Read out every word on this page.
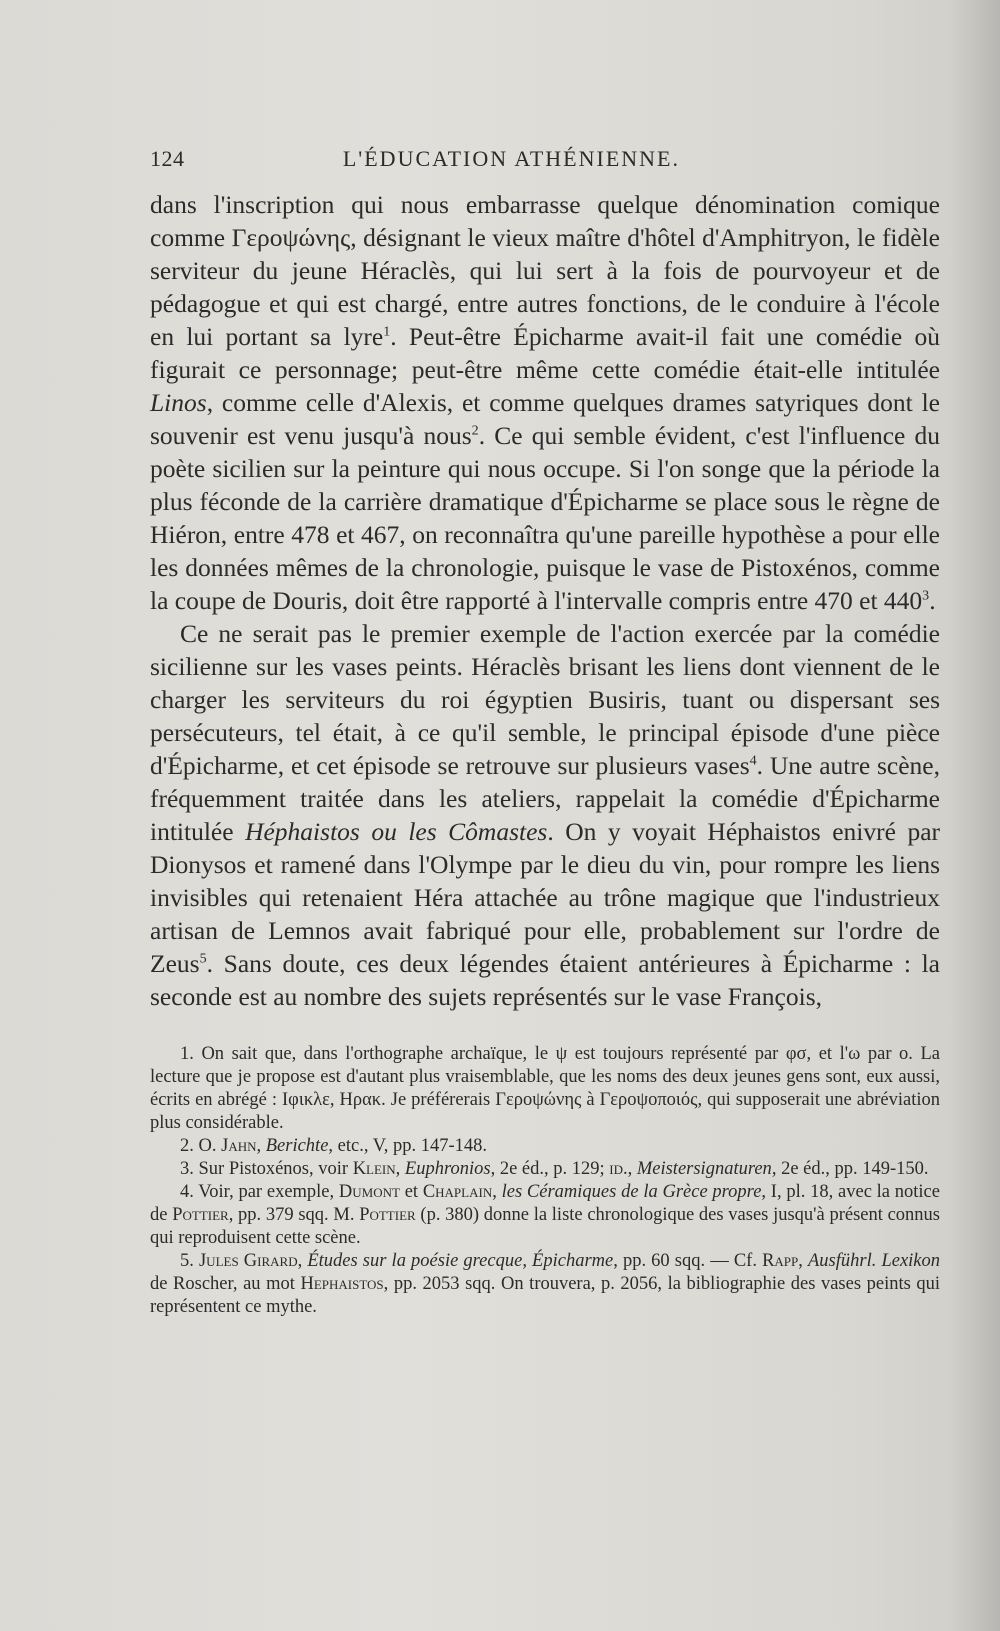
124	L'ÉDUCATION ATHÉNIENNE.

dans l'inscription qui nous embarrasse quelque dénomination comique comme Γεροψώνης, désignant le vieux maître d'hôtel d'Amphitryon, le fidèle serviteur du jeune Héraclès, qui lui sert à la fois de pourvoyeur et de pédagogue et qui est chargé, entre autres fonctions, de le conduire à l'école en lui portant sa lyre$^1$. Peut-être Épicharme avait-il fait une comédie où figurait ce personnage; peut-être même cette comédie était-elle intitulée Linos, comme celle d'Alexis, et comme quelques drames satyriques dont le souvenir est venu jusqu'à nous$^2$. Ce qui semble évident, c'est l'influence du poète sicilien sur la peinture qui nous occupe. Si l'on songe que la période la plus féconde de la carrière dramatique d'Épicharme se place sous le règne de Hiéron, entre 478 et 467, on reconnaîtra qu'une pareille hypothèse a pour elle les données mêmes de la chronologie, puisque le vase de Pistoxénos, comme la coupe de Douris, doit être rapporté à l'intervalle compris entre 470 et $440^3$.

Ce ne serait pas le premier exemple de l'action exercée par la comédie sicilienne sur les vases peints. Héraclès brisant les liens dont viennent de le charger les serviteurs du roi égyptien Busiris, tuant ou dispersant ses persécuteurs, tel était, à ce qu'il semble, le principal épisode d'une pièce d'Épicharme, et cet épisode se retrouve sur plusieurs vases$^4$. Une autre scène, fréquemment traitée dans les ateliers, rappelait la comédie d'Épicharme intitulée Héphaistos ou les Cômastes. On y voyait Héphaistos enivré par Dionysos et ramené dans l'Olympe par le dieu du vin, pour rompre les liens invisibles qui retenaient Héra attachée au trône magique que l'industrieux artisan de Lemnos avait fabriqué pour elle, probablement sur l'ordre de Zeus$^5$. Sans doute, ces deux légendes étaient antérieures à Épicharme : la seconde est au nombre des sujets représentés sur le vase François,

1. On sait que, dans l'orthographe archaïque, le ψ est toujours représenté par φσ, et l'ω par ο. La lecture que je propose est d'autant plus vraisemblable, que les noms des deux jeunes gens sont, eux aussi, écrits en abrégé : Iφικλε, Ηρακ. Je préférerais Γεροψώνης à Γεροψοποιός, qui supposerait une abréviation plus considérable.

2. O. Jahn, Berichte, etc., V, pp. 147-148.

3. Sur Pistoxénos, voir Klein, Euphronios, 2e éd., p. 129; id., Meistersignaturen, 2e éd., pp. 149-150.

4. Voir, par exemple, Dumont et Chaplain, les Céramiques de la Grèce propre, I, pl. 18, avec la notice de Pottier, pp. 379 sqq. M. Pottier (p. 380) donne la liste chronologique des vases jusqu'à présent connus qui reproduisent cette scène.

5. Jules Girard, Études sur la poésie grecque, Épicharme, pp. 60 sqq. — Cf. Rapp, Ausführl. Lexikon de Roscher, au mot Hephaistos, pp. 2053 sqq. On trouvera, p. 2056, la bibliographie des vases peints qui représentent ce mythe.
